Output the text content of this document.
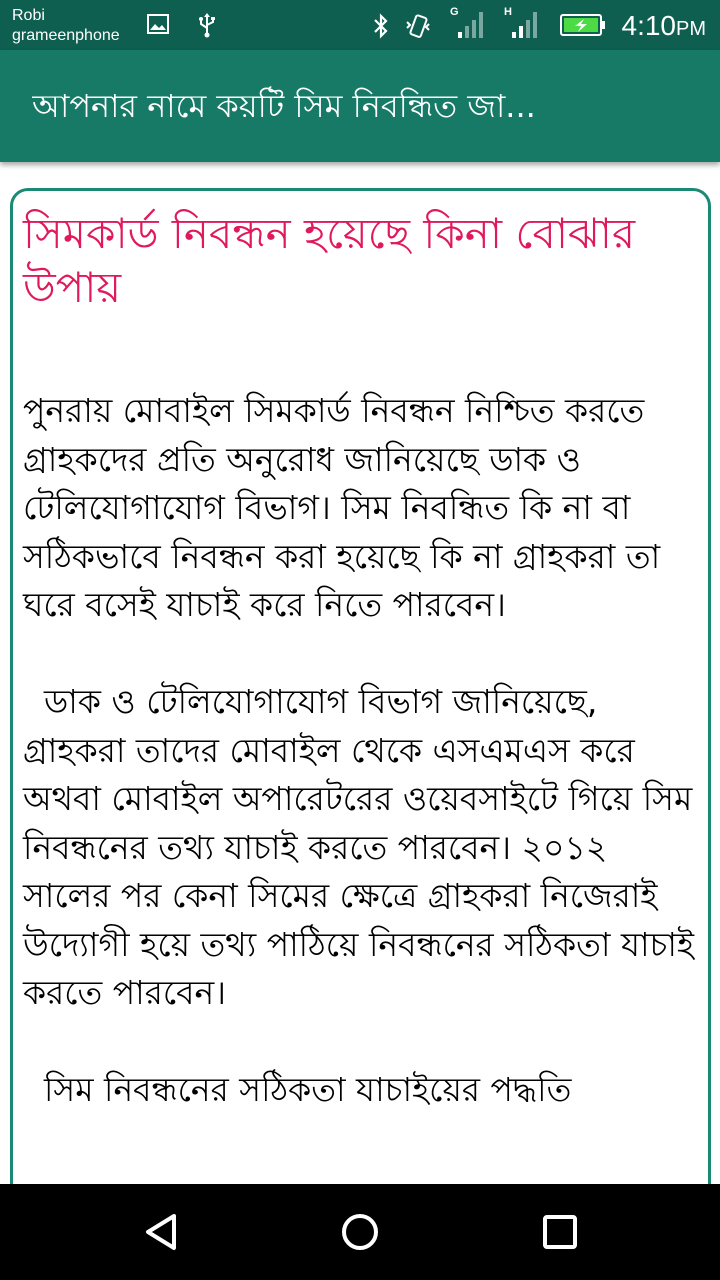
Robi
grameenphone
G	H	4:10PM
আপনার নামে কয়টি সিম নিবন্ধিত জা...
সিমকার্ড নিবন্ধন হয়েছে কিনা বোঝার উপায়

পুনরায় মোবাইল সিমকার্ড নিবন্ধন নিশ্চিত করতে গ্রাহকদের প্রতি অনুরোধ জানিয়েছে ডাক ও টেলিযোগাযোগ বিভাগ। সিম নিবন্ধিত কি না বা সঠিকভাবে নিবন্ধন করা হয়েছে কি না গ্রাহকরা তা ঘরে বসেই যাচাই করে নিতে পারবেন।

ডাক ও টেলিযোগাযোগ বিভাগ জানিয়েছে, গ্রাহকরা তাদের মোবাইল থেকে এসএমএস করে অথবা মোবাইল অপারেটরের ওয়েবসাইটে গিয়ে সিম নিবন্ধনের তথ্য যাচাই করতে পারবেন। ২০১২ সালের পর কেনা সিমের ক্ষেত্রে গ্রাহকরা নিজেরাই উদ্যোগী হয়ে তথ্য পাঠিয়ে নিবন্ধনের সঠিকতা যাচাই করতে পারবেন।

সিম নিবন্ধনের সঠিকতা যাচাইয়ের পদ্ধতি
